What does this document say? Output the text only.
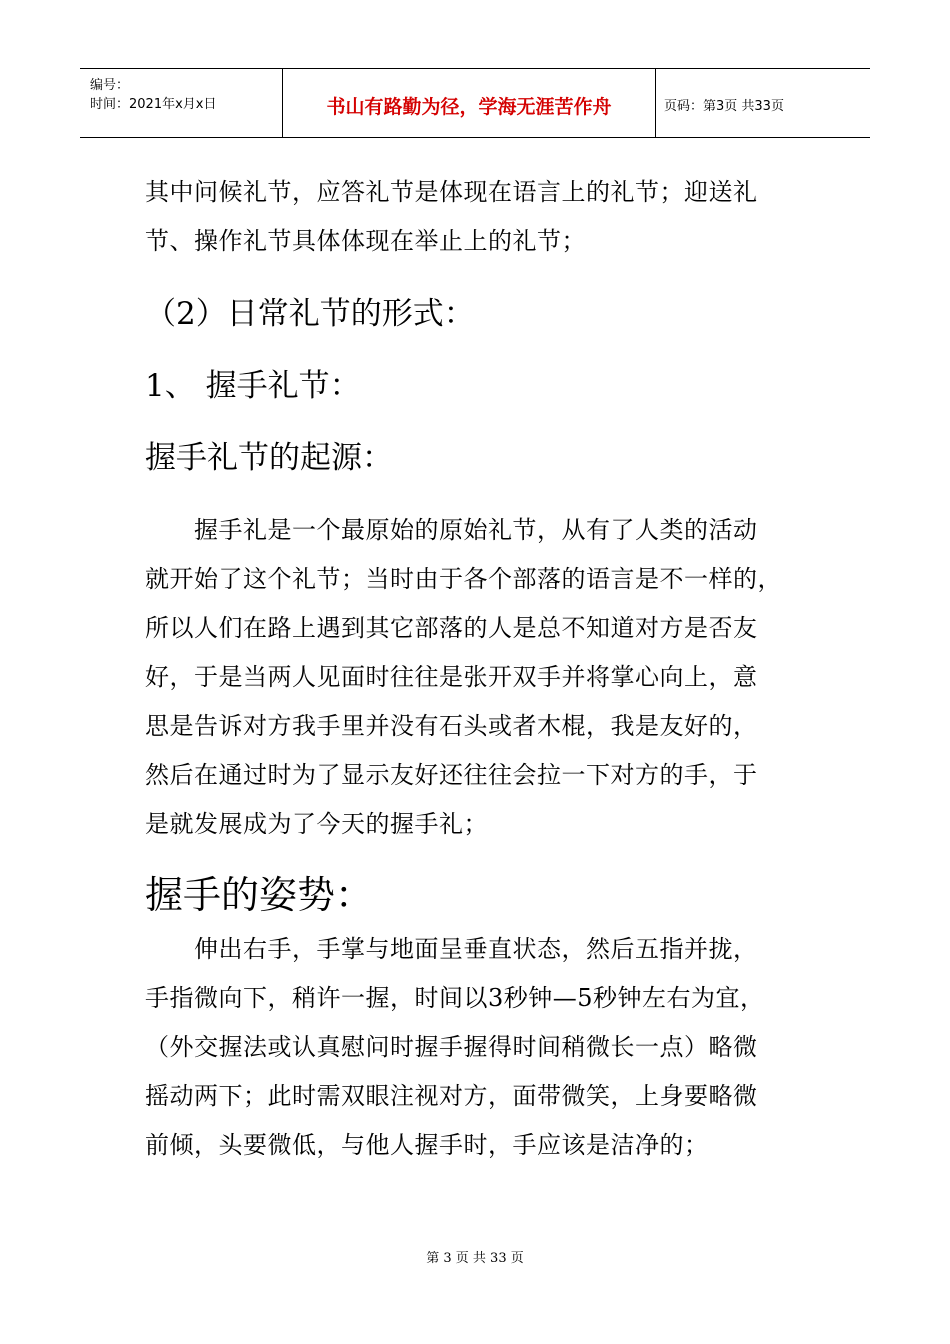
编号：
时间：2021年x月x日	书山有路勤为径，学海无涯苦作舟	页码：第3页 共33页
其中问候礼节，应答礼节是体现在语言上的礼节；迎送礼
节、操作礼节具体体现在举止上的礼节；
（2）日常礼节的形式：
1、 握手礼节：
握手礼节的起源：
握手礼是一个最原始的原始礼节，从有了人类的活动
就开始了这个礼节；当时由于各个部落的语言是不一样的，
所以人们在路上遇到其它部落的人是总不知道对方是否友
好，于是当两人见面时往往是张开双手并将掌心向上，意
思是告诉对方我手里并没有石头或者木棍，我是友好的，
然后在通过时为了显示友好还往往会拉一下对方的手，于
是就发展成为了今天的握手礼；
握手的姿势：
伸出右手，手掌与地面呈垂直状态，然后五指并拢，
手指微向下，稍许一握，时间以3秒钟—5秒钟左右为宜，
（外交握法或认真慰问时握手握得时间稍微长一点）略微
摇动两下；此时需双眼注视对方，面带微笑，上身要略微
前倾，头要微低，与他人握手时，手应该是洁净的；
第 3 页 共 33 页
